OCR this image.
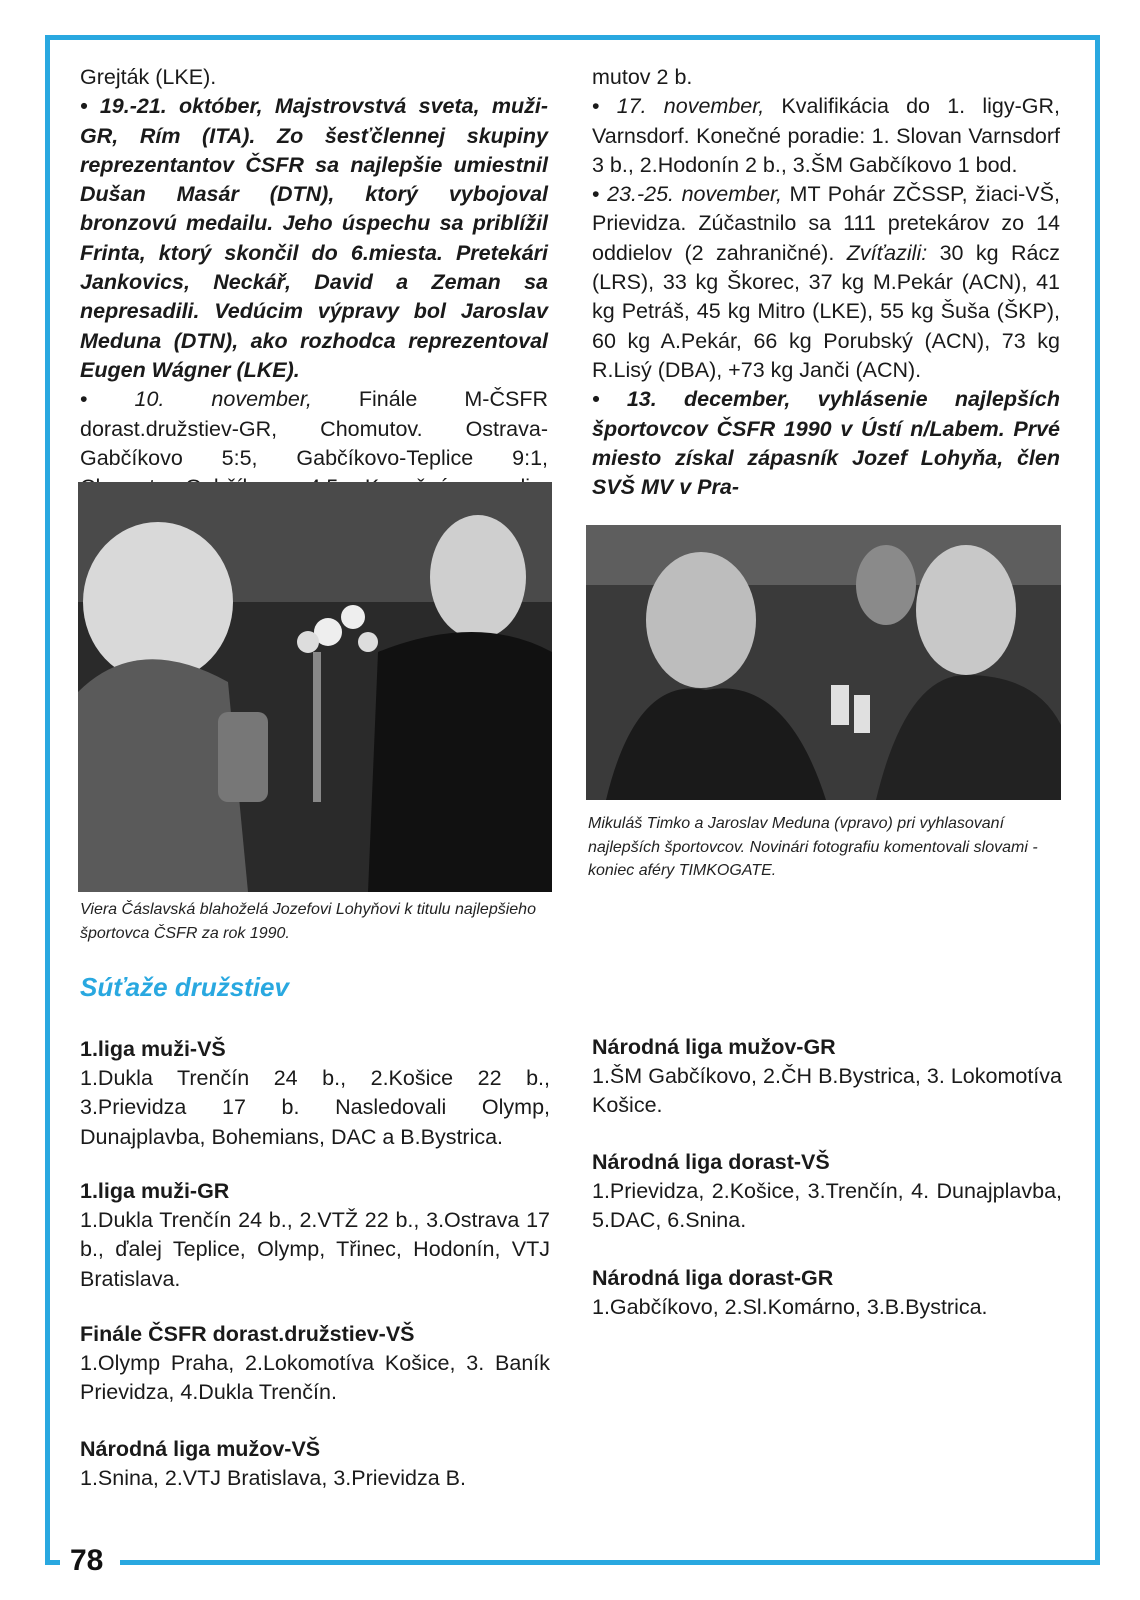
78

Grejták (LKE).

• 19.-21. október, Majstrovstvá sveta, muži-GR, Rím (ITA). Zo šesťčlennej skupiny reprezentantov ČSFR sa najlepšie umiestnil Dušan Masár (DTN), ktorý vybojoval bronzovú medailu. Jeho úspechu sa priblížil Frinta, ktorý skončil do 6.miesta. Pretekári Jankovics, Neckář, David a Zeman sa nepresadili. Vedúcim výpravy bol Jaroslav Meduna (DTN), ako rozhodca reprezentoval Eugen Wágner (LKE).

• 10. november, Finále M-ČSFR dorast.družstiev-GR, Chomutov. Ostrava- Gabčíkovo 5:5, Gabčíkovo-Teplice 9:1,

mutov 2 b.

• 17. november, Kvalifikácia do 1. ligy-GR, Varnsdorf. Konečné poradie: 1. Slovan Varnsdorf 3 b., 2.Hodonín 2 b., 3.ŠM Gabčíkovo 1 bod.

• 23.-25. november, MT Pohár ZČSSP, žiaci-VŠ, Prievidza. Zúčastnilo sa 111 pretekárov zo 14 oddielov (2 zahraničné). Zvíťazili: 30 kg Rácz (LRS), 33 kg Škorec, 37 kg M.Pekár (ACN), 41 kg Petráš, 45 kg Mitro (LKE), 55 kg Šuša (ŠKP), 60 kg A.Pekár, 66 kg Porubský (ACN), 73 kg R.Lisý (DBA), +73 kg Janči (ACN).

• 13. december, vyhlásenie najlepších športovcov ČSFR 1990 v Ústí n/Labem. Prvé miesto získal zápasník Jozef Lohyňa, člen SVŠ MV v Pra-

Viera Čáslavská blahoželá Jozefovi Lohyňovi k titulu najlepšieho športovca ČSFR za rok 1990.
Mikuláš Timko a Jaroslav Meduna (vpravo) pri vyhlasovaní najlepších športovcov. Novinári fotografiu komentovali slovami - koniec aféry TIMKOGATE.
Súťaže družstiev
1.liga muži-VŠ

1.Dukla Trenčín 24 b., 2.Košice 22 b., 3.Prievidza 17 b. Nasledovali Olymp, Dunajplavba, Bohemians, DAC a B.Bystrica.

1.liga muži-GR

1.Dukla Trenčín 24 b., 2.VTŽ 22 b., 3.Ostrava 17 b., ďalej Teplice, Olymp, Třinec, Hodonín, VTJ Bratislava.

Finále ČSFR dorast.družstiev-VŠ

1.Olymp Praha, 2.Lokomotíva Košice, 3. Baník Prievidza, 4.Dukla Trenčín.

Národná liga mužov-VŠ

1.Snina, 2.VTJ Bratislava, 3.Prievidza B.

Národná liga mužov-GR

1.ŠM Gabčíkovo, 2.ČH B.Bystrica, 3. Lokomotíva Košice.

Národná liga dorast-VŠ

1.Prievidza, 2.Košice, 3.Trenčín, 4. Dunajplavba, 5.DAC, 6.Snina.

Národná liga dorast-GR

1.Gabčíkovo, 2.Sl.Komárno, 3.B.Bystrica.
